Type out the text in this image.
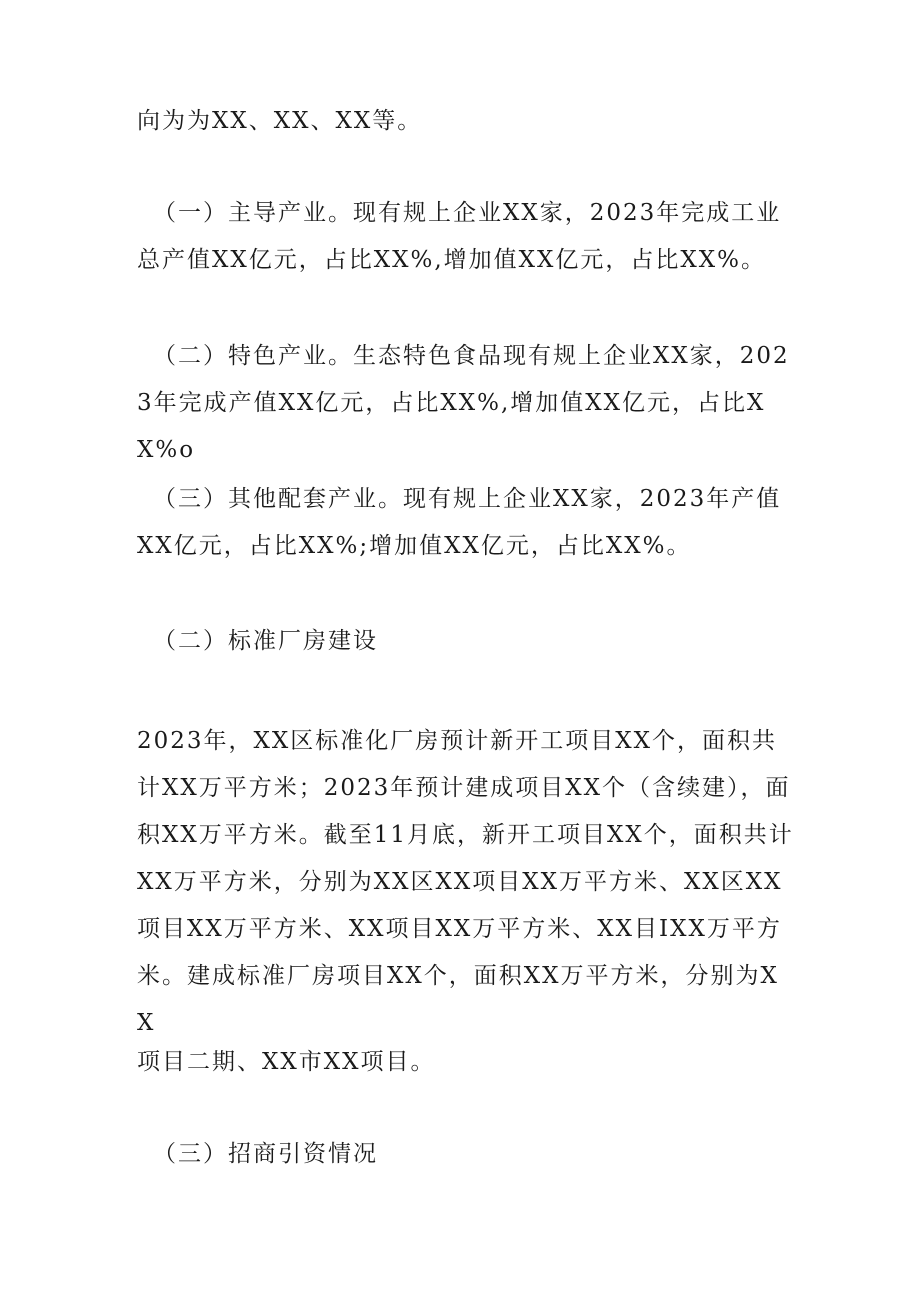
向为为XX、XX、XX等。

（一）主导产业。现有规上企业XX家，2023年完成工业总产值XX亿元，占比XX%,增加值XX亿元，占比XX%。

（二）特色产业。生态特色食品现有规上企业XX家，2023年完成产值XX亿元，占比XX%,增加值XX亿元，占比XX%o

（三）其他配套产业。现有规上企业XX家，2023年产值XX亿元，占比XX%;增加值XX亿元，占比XX%。

（二）标准厂房建设

2023年，XX区标准化厂房预计新开工项目XX个，面积共计XX万平方米；2023年预计建成项目XX个（含续建），面积XX万平方米。截至11月底，新开工项目XX个，面积共计XX万平方米，分别为XX区XX项目XX万平方米、XX区XX项目XX万平方米、XX项目XX万平方米、XX目IXX万平方米。建成标准厂房项目XX个，面积XX万平方米，分别为XX

项目二期、XX市XX项目。

（三）招商引资情况
